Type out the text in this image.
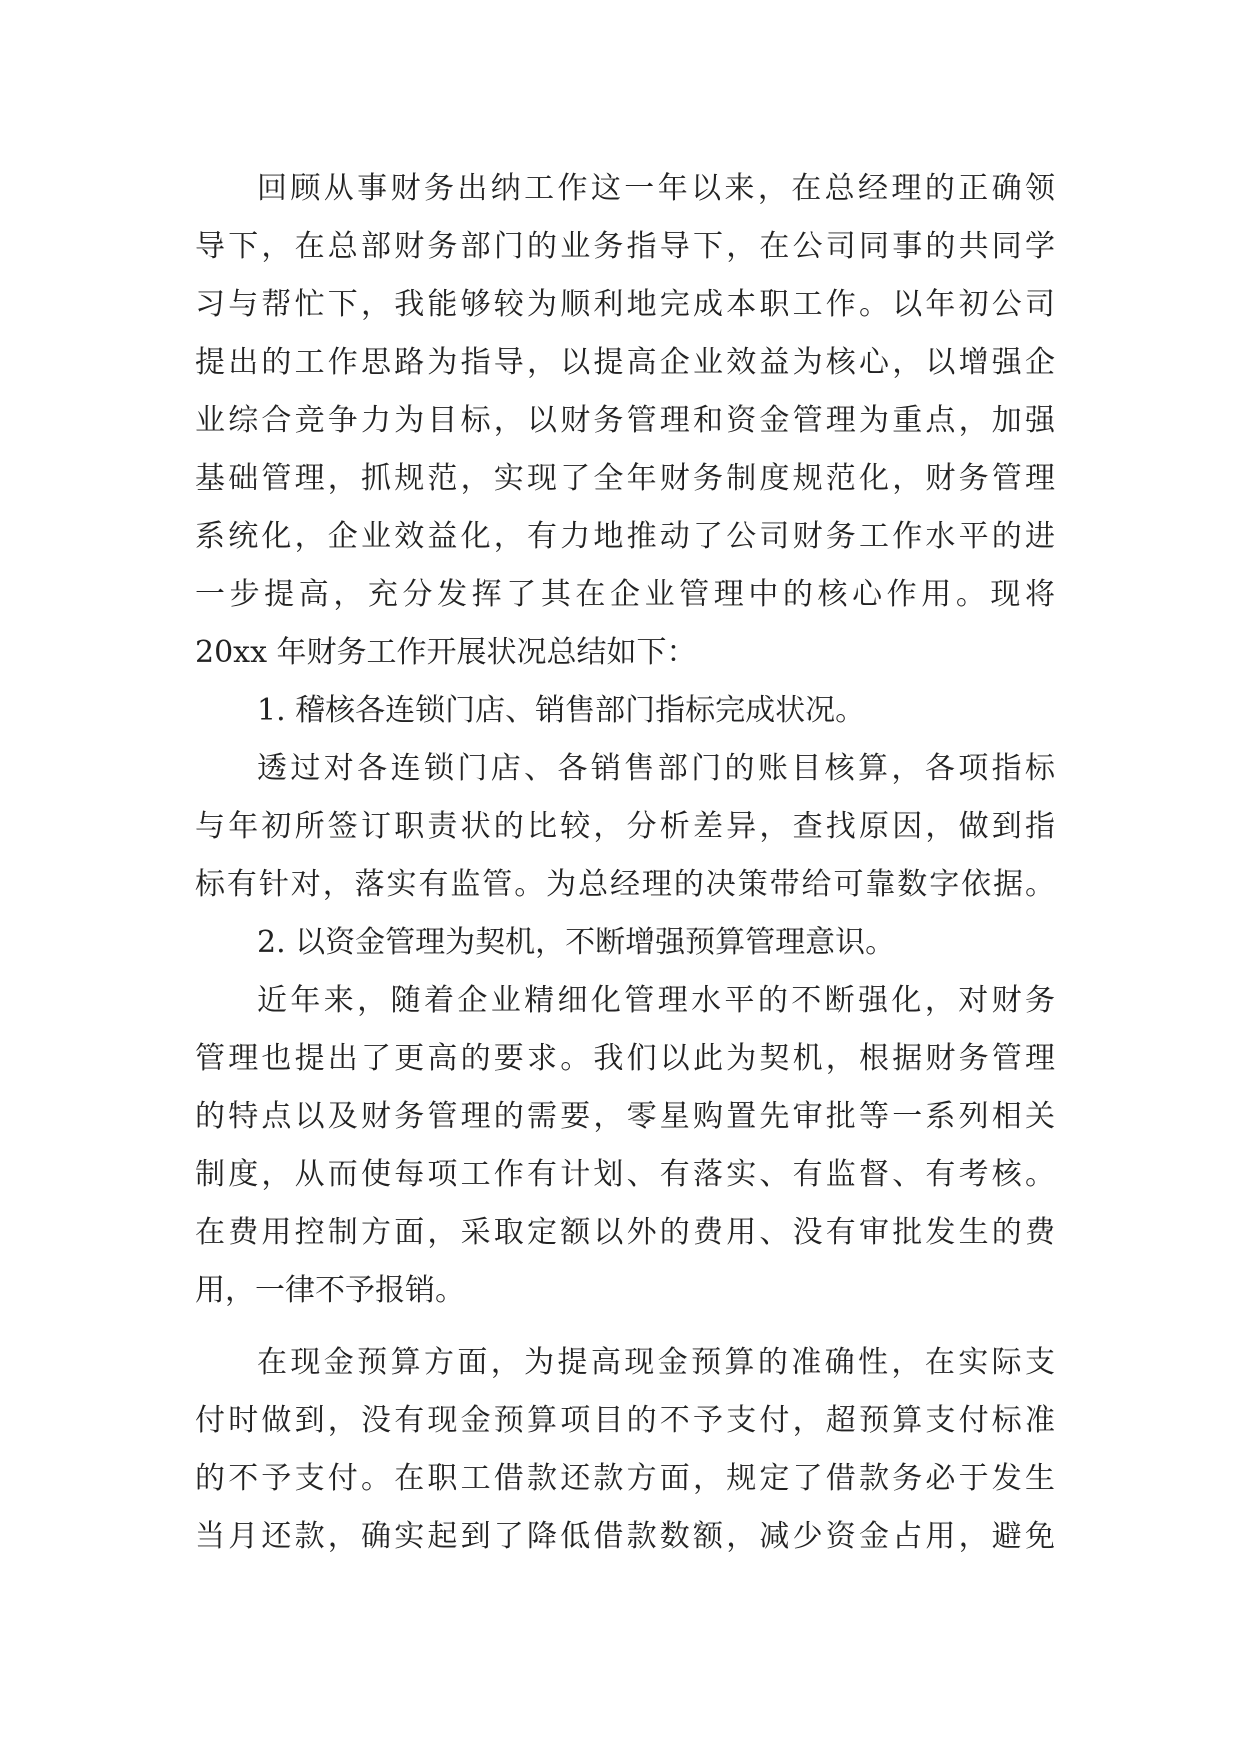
回顾从事财务出纳工作这一年以来，在总经理的正确领
导下，在总部财务部门的业务指导下，在公司同事的共同学
习与帮忙下，我能够较为顺利地完成本职工作。以年初公司
提出的工作思路为指导，以提高企业效益为核心，以增强企
业综合竞争力为目标，以财务管理和资金管理为重点，加强
基础管理，抓规范，实现了全年财务制度规范化，财务管理
系统化，企业效益化，有力地推动了公司财务工作水平的进
一步提高，充分发挥了其在企业管理中的核心作用。现将
20xx 年财务工作开展状况总结如下：
1. 稽核各连锁门店、销售部门指标完成状况。
透过对各连锁门店、各销售部门的账目核算，各项指标
与年初所签订职责状的比较，分析差异，查找原因，做到指
标有针对，落实有监管。为总经理的决策带给可靠数字依据。
2. 以资金管理为契机，不断增强预算管理意识。
近年来，随着企业精细化管理水平的不断强化，对财务
管理也提出了更高的要求。我们以此为契机，根据财务管理
的特点以及财务管理的需要，零星购置先审批等一系列相关
制度，从而使每项工作有计划、有落实、有监督、有考核。
在费用控制方面，采取定额以外的费用、没有审批发生的费
用，一律不予报销。
在现金预算方面，为提高现金预算的准确性，在实际支
付时做到，没有现金预算项目的不予支付，超预算支付标准
的不予支付。在职工借款还款方面，规定了借款务必于发生
当月还款，确实起到了降低借款数额，减少资金占用，避免
